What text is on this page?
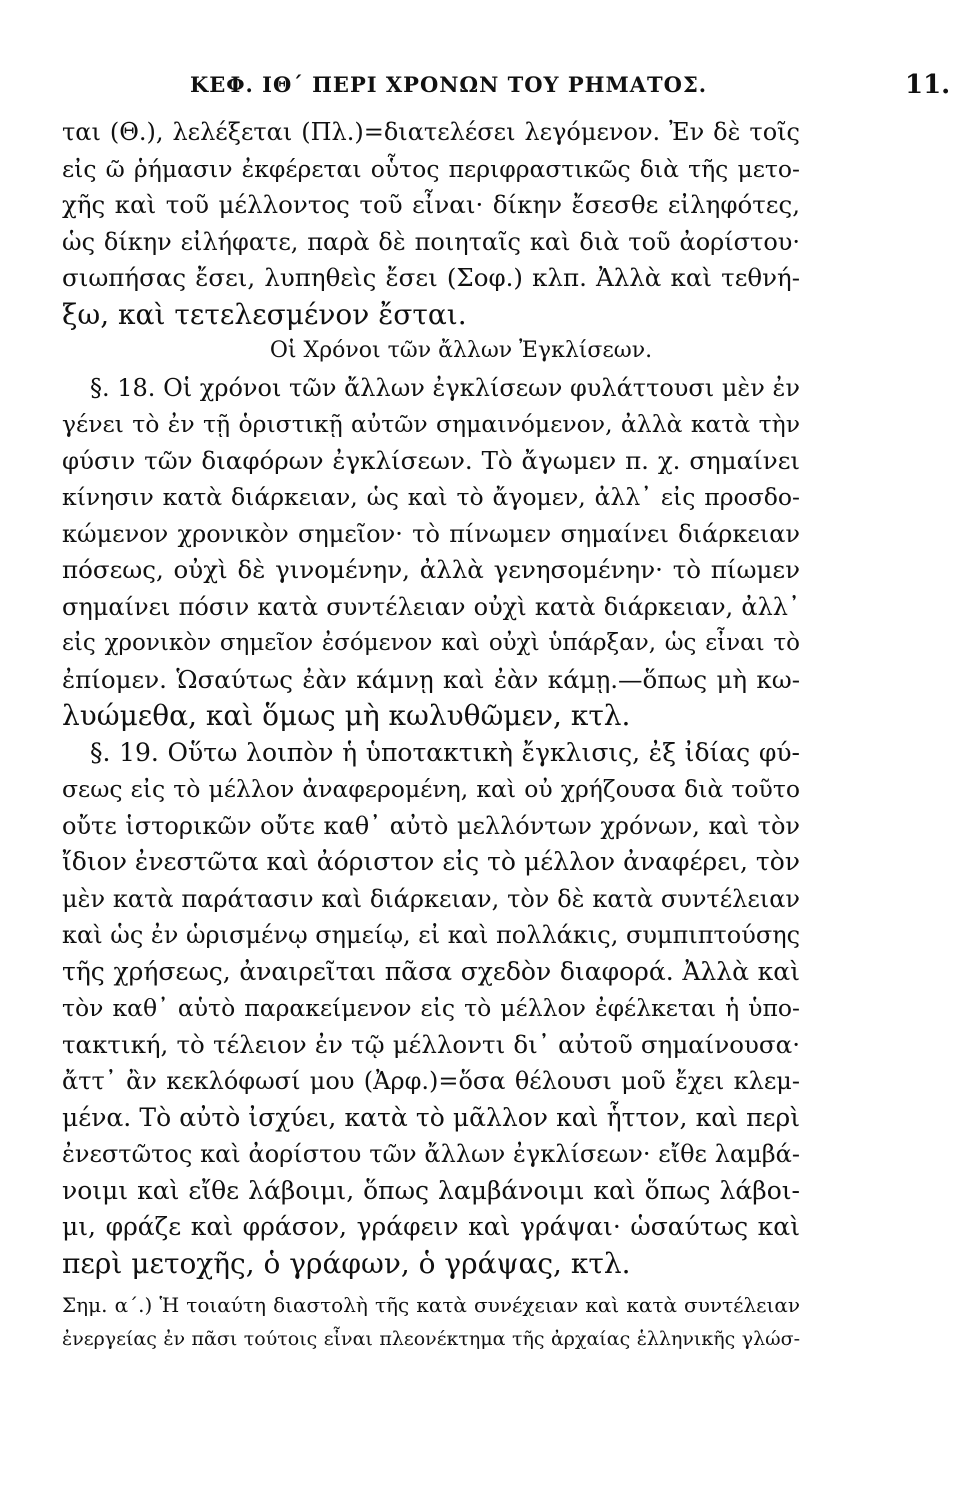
ΚΕΦ. ΙΘ΄ ΠΕΡΙ ΧΡΟΝΩΝ ΤΟΥ ΡΗΜΑΤΟΣ.	11.
ται (Θ.), λελέξεται (Πλ.)=διατελέσει λεγόμενον. Ἐν δὲ τοῖς
εἰς ῶ ῥήμασιν ἐκφέρεται οὗτος περιφραστικῶς διὰ τῆς μετο-
χῆς καὶ τοῦ μέλλοντος τοῦ εἶναι· δίκην ἔσεσθε εἰληφότες,
ὡς δίκην εἰλήφατε, παρὰ δὲ ποιηταῖς καὶ διὰ τοῦ ἀορίστου·
σιωπήσας ἔσει, λυπηθεὶς ἔσει (Σοφ.) κλπ. Ἀλλὰ καὶ τεθνή-
ξω, καὶ τετελεσμένον ἔσται.
Οἱ Χρόνοι τῶν ἄλλων Ἐγκλίσεων.
§. 18. Οἱ χρόνοι τῶν ἄλλων ἐγκλίσεων φυλάττουσι μὲν ἐν
γένει τὸ ἐν τῇ ὁριστικῇ αὐτῶν σημαινόμενον, ἀλλὰ κατὰ τὴν
φύσιν τῶν διαφόρων ἐγκλίσεων. Τὸ ἄγωμεν π. χ. σημαίνει
κίνησιν κατὰ διάρκειαν, ὡς καὶ τὸ ἄγομεν, ἀλλ᾽ εἰς προσδο-
κώμενον χρονικὸν σημεῖον· τὸ πίνωμεν σημαίνει διάρκειαν
πόσεως, οὐχὶ δὲ γινομένην, ἀλλὰ γενησομένην· τὸ πίωμεν
σημαίνει πόσιν κατὰ συντέλειαν οὐχὶ κατὰ διάρκειαν, ἀλλ᾽
εἰς χρονικὸν σημεῖον ἐσόμενον καὶ οὐχὶ ὑπάρξαν, ὡς εἶναι τὸ
ἐπίομεν. Ὡσαύτως ἐὰν κάμνῃ καὶ ἐὰν κάμῃ.—ὅπως μὴ κω-
λυώμεθα, καὶ ὅμως μὴ κωλυθῶμεν, κτλ.
§. 19. Οὕτω λοιπὸν ἡ ὑποτακτικὴ ἔγκλισις, ἐξ ἰδίας φύ-
σεως εἰς τὸ μέλλον ἀναφερομένη, καὶ οὐ χρήζουσα διὰ τοῦτο
οὔτε ἱστορικῶν οὔτε καθ᾽ αὐτὸ μελλόντων χρόνων, καὶ τὸν
ἴδιον ἐνεστῶτα καὶ ἀόριστον εἰς τὸ μέλλον ἀναφέρει, τὸν
μὲν κατὰ παράτασιν καὶ διάρκειαν, τὸν δὲ κατὰ συντέλειαν
καὶ ὡς ἐν ὡρισμένῳ σημείῳ, εἰ καὶ πολλάκις, συμπιπτούσης
τῆς χρήσεως, ἀναιρεῖται πᾶσα σχεδὸν διαφορά. Ἀλλὰ καὶ
τὸν καθ᾽ αὑτὸ παρακείμενον εἰς τὸ μέλλον ἐφέλκεται ἡ ὑπο-
τακτική, τὸ τέλειον ἐν τῷ μέλλοντι δι᾽ αὐτοῦ σημαίνουσα·
ἄττ᾽ ἂν κεκλόφωσί μου (Ἀρφ.)=ὅσα θέλουσι μοῦ ἔχει κλεμ-
μένα. Τὸ αὐτὸ ἰσχύει, κατὰ τὸ μᾶλλον καὶ ἧττον, καὶ περὶ
ἐνεστῶτος καὶ ἀορίστου τῶν ἄλλων ἐγκλίσεων· εἴθε λαμβά-
νοιμι καὶ εἴθε λάβοιμι, ὅπως λαμβάνοιμι καὶ ὅπως λάβοι-
μι, φράζε καὶ φράσον, γράφειν καὶ γράψαι· ὡσαύτως καὶ
περὶ μετοχῆς, ὁ γράφων, ὁ γράψας, κτλ.
Σημ. α΄.) Ἡ τοιαύτη διαστολὴ τῆς κατὰ συνέχειαν καὶ κατὰ συντέλειαν
ἐνεργείας ἐν πᾶσι τούτοις εἶναι πλεονέκτημα τῆς ἀρχαίας ἑλληνικῆς γλώσ-
